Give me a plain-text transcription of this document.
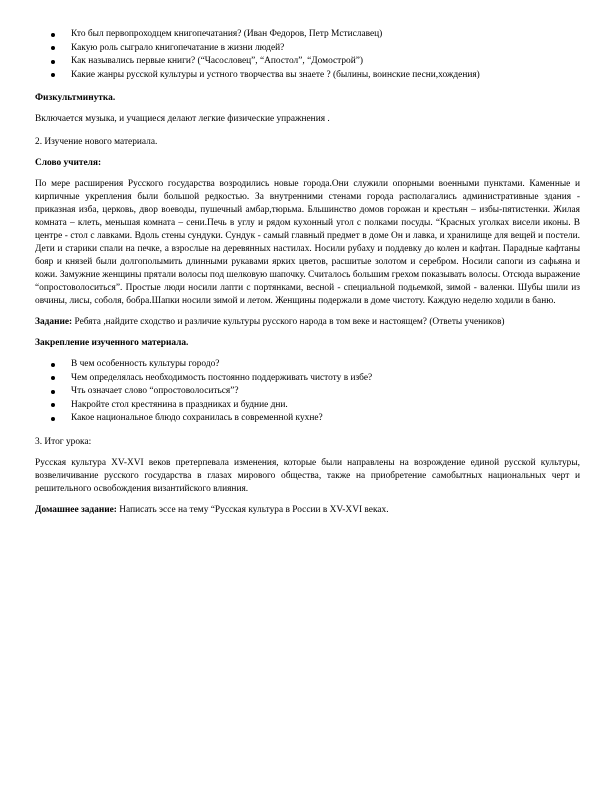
Кто был первопроходцем книгопечатания? (Иван Федоров, Петр Мстиславец)
Какую роль сыграло книгопечатание в жизни людей?
Как назывались первые книги? (“Часословец”, “Апостол”, “Домострой”)
Какие жанры русской культуры и устного творчества вы знаете ? (былины, воинские песни,хождения)

Физкультминутка.

Включается музыка, и учащиеся делают легкие физические упражнения .

2. Изучение нового материала.

Слово учителя:

По мере расширения Русского государства возродились новые города.Они служили опорными военными пунктами. Каменные и кирпичные укрепления были большой редкостью. За внутренними стенами города располагались административные здания - приказная изба, церковь, двор воеводы, пушечный амбар,тюрьма. Бльшинство домов горожан и крестьян – избы-пятистенки. Жилая комната – клеть, меньшая комната – сени.Печь в углу и рядом кухонный угол с полками посуды. “Красных уголках висели иконы. В центре - стол с лавками. Вдоль стены сундуки. Сундук - самый главный предмет в доме Он и лавка, и хранилище для вещей и постели. Дети и старики спали на печке, а взрослые на деревянных настилах. Носили рубаху и поддевку до колен и кафтан. Парадные кафтаны бояр и князей были долгополымить длинными рукавами ярких цветов, расшитые золотом и серебром. Носили сапоги из сафьяна и кожи. Замужние женщины прятали волосы под шелковую шапочку. Считалось большим грехом показывать волосы. Отсюда выражение “опростоволоситься”. Простые люди носили лапти с портянками, весной - специальной подьемкой, зимой - валенки. Шубы шили из овчины, лисы, соболя, бобра.Шапки носили зимой и летом. Женщины подержали в доме чистоту. Каждую неделю ходили в баню.

Задание: Ребята ,найдите сходство и различие культуры русского народа в том веке и настоящем? (Ответы учеников)

Закрепление изученного материала.

В чем особенность культуры городо?
Чем определялась необходимость постоянно поддерживать чистоту в избе?
Чть означает слово “опростоволоситься”?
Накройте стол крестянина в праздниках и будние дни.
Какое национальное блюдо сохранилась в современной кухне?

3. Итог урока:

Русская культура XV-XVI веков претерпевала изменения, которые были направлены на возрождение единой русской культуры, возвеличивание русского государства в глазах мирового общества, также на приобретение самобытных национальных черт и решительного освобождения византийского влияния.

Домашнее задание: Написать эссе на тему “Русская культура в России в XV-XVI веках.
